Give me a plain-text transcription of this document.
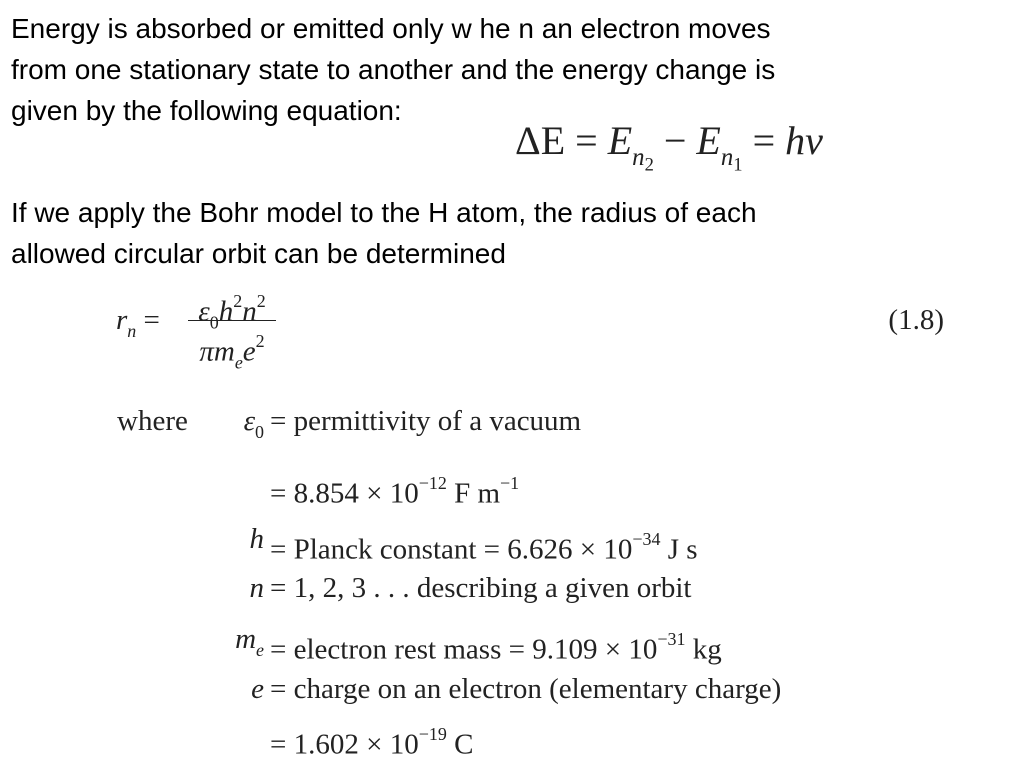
Energy is absorbed or emitted only w he n an electron moves
from one stationary state to another and the energy change is
given by the following equation:
$\Delta E = E_{n_2} - E_{n_1} = h\nu$
If we apply the Bohr model to the H atom, the radius of each
allowed circular orbit can be determined
$r_n$ =	$\varepsilon_0h^2n^2$
$\pi m_ee^2$
(1.8)
where $\varepsilon_0$ = permittivity of a vacuum
= $8.854 \times 10^{-12}$ F $m^{-1}$
h = Planck constant = $6.626 \times 10^{-34}$ J s
n = 1, 2, 3 . . . describing a given orbit
$m_e$ = electron rest mass = $9.109 \times 10^{-31}$ kg
e = charge on an electron (elementary charge)
= $1.602 \times 10^{-19}$ C
